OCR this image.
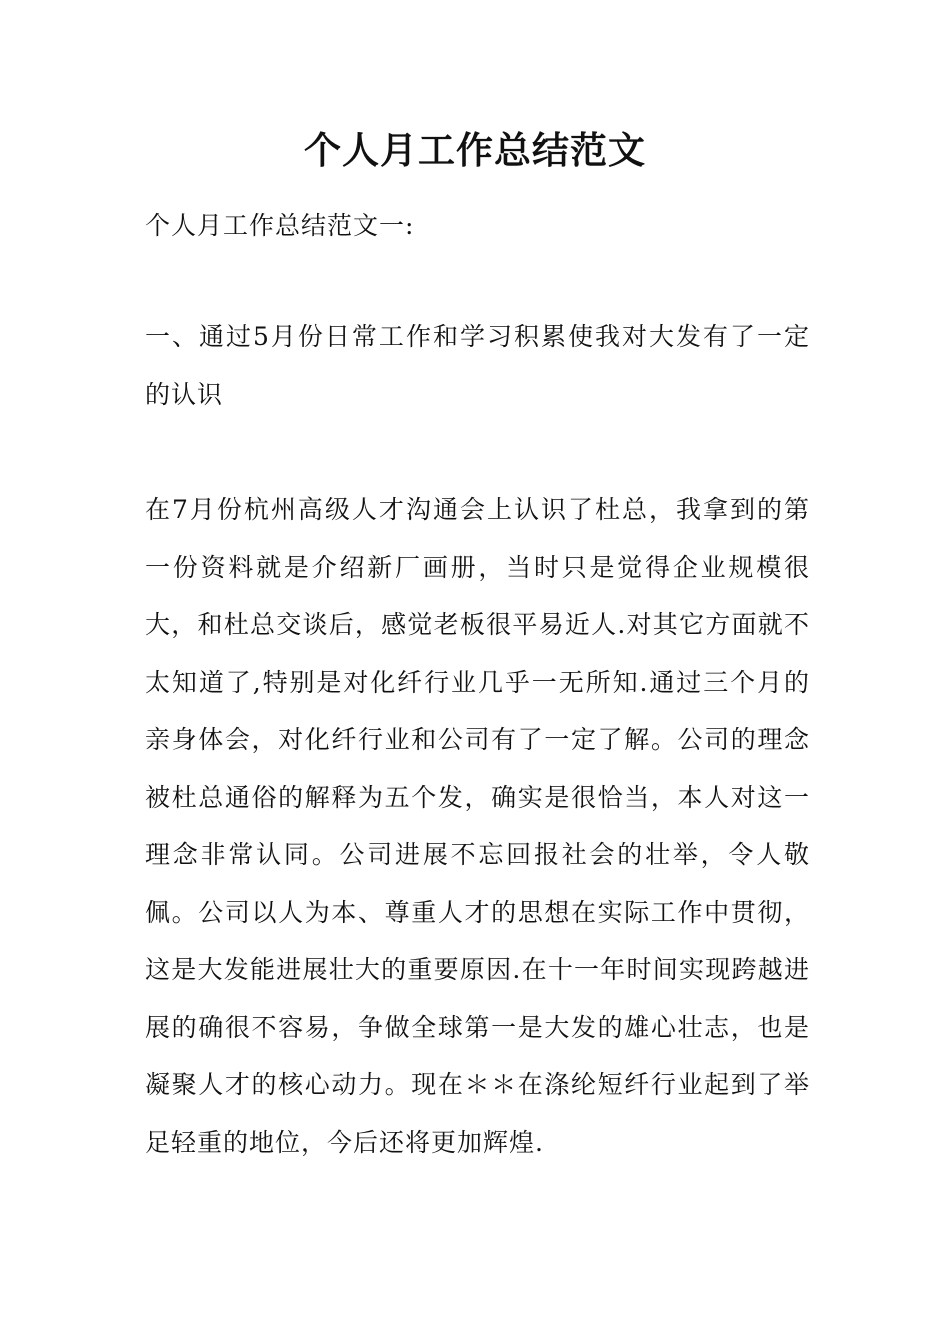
个人月工作总结范文

个人月工作总结范文一:

一、通过5月份日常工作和学习积累使我对大发有了一定的认识

在7月份杭州高级人才沟通会上认识了杜总，我拿到的第一份资料就是介绍新厂画册，当时只是觉得企业规模很大，和杜总交谈后，感觉老板很平易近人.对其它方面就不太知道了,特别是对化纤行业几乎一无所知.通过三个月的亲身体会，对化纤行业和公司有了一定了解。公司的理念被杜总通俗的解释为五个发，确实是很恰当，本人对这一理念非常认同。公司进展不忘回报社会的壮举，令人敬佩。公司以人为本、尊重人才的思想在实际工作中贯彻，这是大发能进展壮大的重要原因.在十一年时间实现跨越进展的确很不容易，争做全球第一是大发的雄心壮志，也是凝聚人才的核心动力。现在＊＊在涤纶短纤行业起到了举足轻重的地位，今后还将更加辉煌.
